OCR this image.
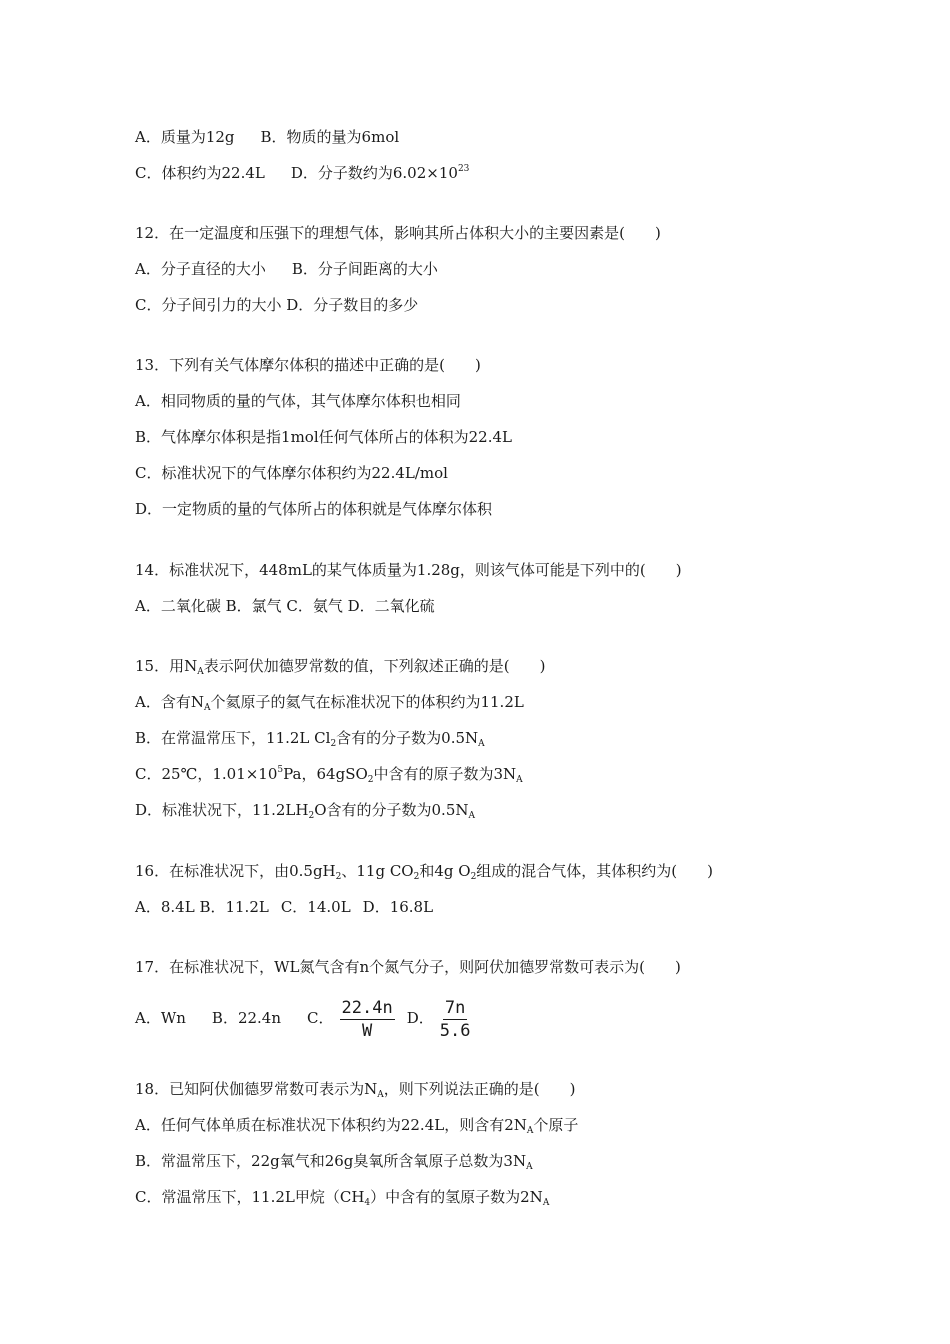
A．质量为12g B．物质的量为6mol
C．体积约为22.4L D．分子数约为$6.02\times 10^{23}$
12．在一定温度和压强下的理想气体，影响其所占体积大小的主要因素是(　　)
A．分子直径的大小 B．分子间距离的大小
C．分子间引力的大小 D．分子数目的多少
13．下列有关气体摩尔体积的描述中正确的是(　　)
A．相同物质的量的气体，其气体摩尔体积也相同
B．气体摩尔体积是指1mol任何气体所占的体积为22.4L
C．标准状况下的气体摩尔体积约为22.4L/mol
D．一定物质的量的气体所占的体积就是气体摩尔体积
14．标准状况下，448mL的某气体质量为1.28g，则该气体可能是下列中的(　　)
A．二氧化碳 B．氯气 C．氨气 D．二氧化硫
15．用$N_A$表示阿伏加德罗常数的值，下列叙述正确的是(　　)
A．含有$N_A$个氦原子的氦气在标准状况下的体积约为11.2L
B．在常温常压下，11.2L $Cl_2$含有的分子数为$0.5N_A$
C．25℃，$1.01\times 10^5Pa$，64gSO$_2$中含有的原子数为$3N_A$
D．标准状况下，$11.2LH_2O$含有的分子数为$0.5N_A$
16．在标准状况下，由$0.5gH_2$、11g $CO_2$和4g $O_2$组成的混合气体，其体积约为(　　)
A．8.4L B．11.2L C．14.0L D．16.8L
17．在标准状况下，WL氮气含有n个氮气分子，则阿伏加德罗常数可表示为(　　)
A．Wn B．22.4n C． $\frac{22.4n}{W}$ D． $\frac{7n}{5.6}$
18．已知阿伏伽德罗常数可表示为$N_A$，则下列说法正确的是(　　)
A．任何气体单质在标准状况下体积约为22.4L，则含有$2N_A$个原子
B．常温常压下，22g氧气和26g臭氧所含氧原子总数为$3N_A$
C．常温常压下，11.2L甲烷$(CH_4)$中含有的氢原子数为$2N_A$
